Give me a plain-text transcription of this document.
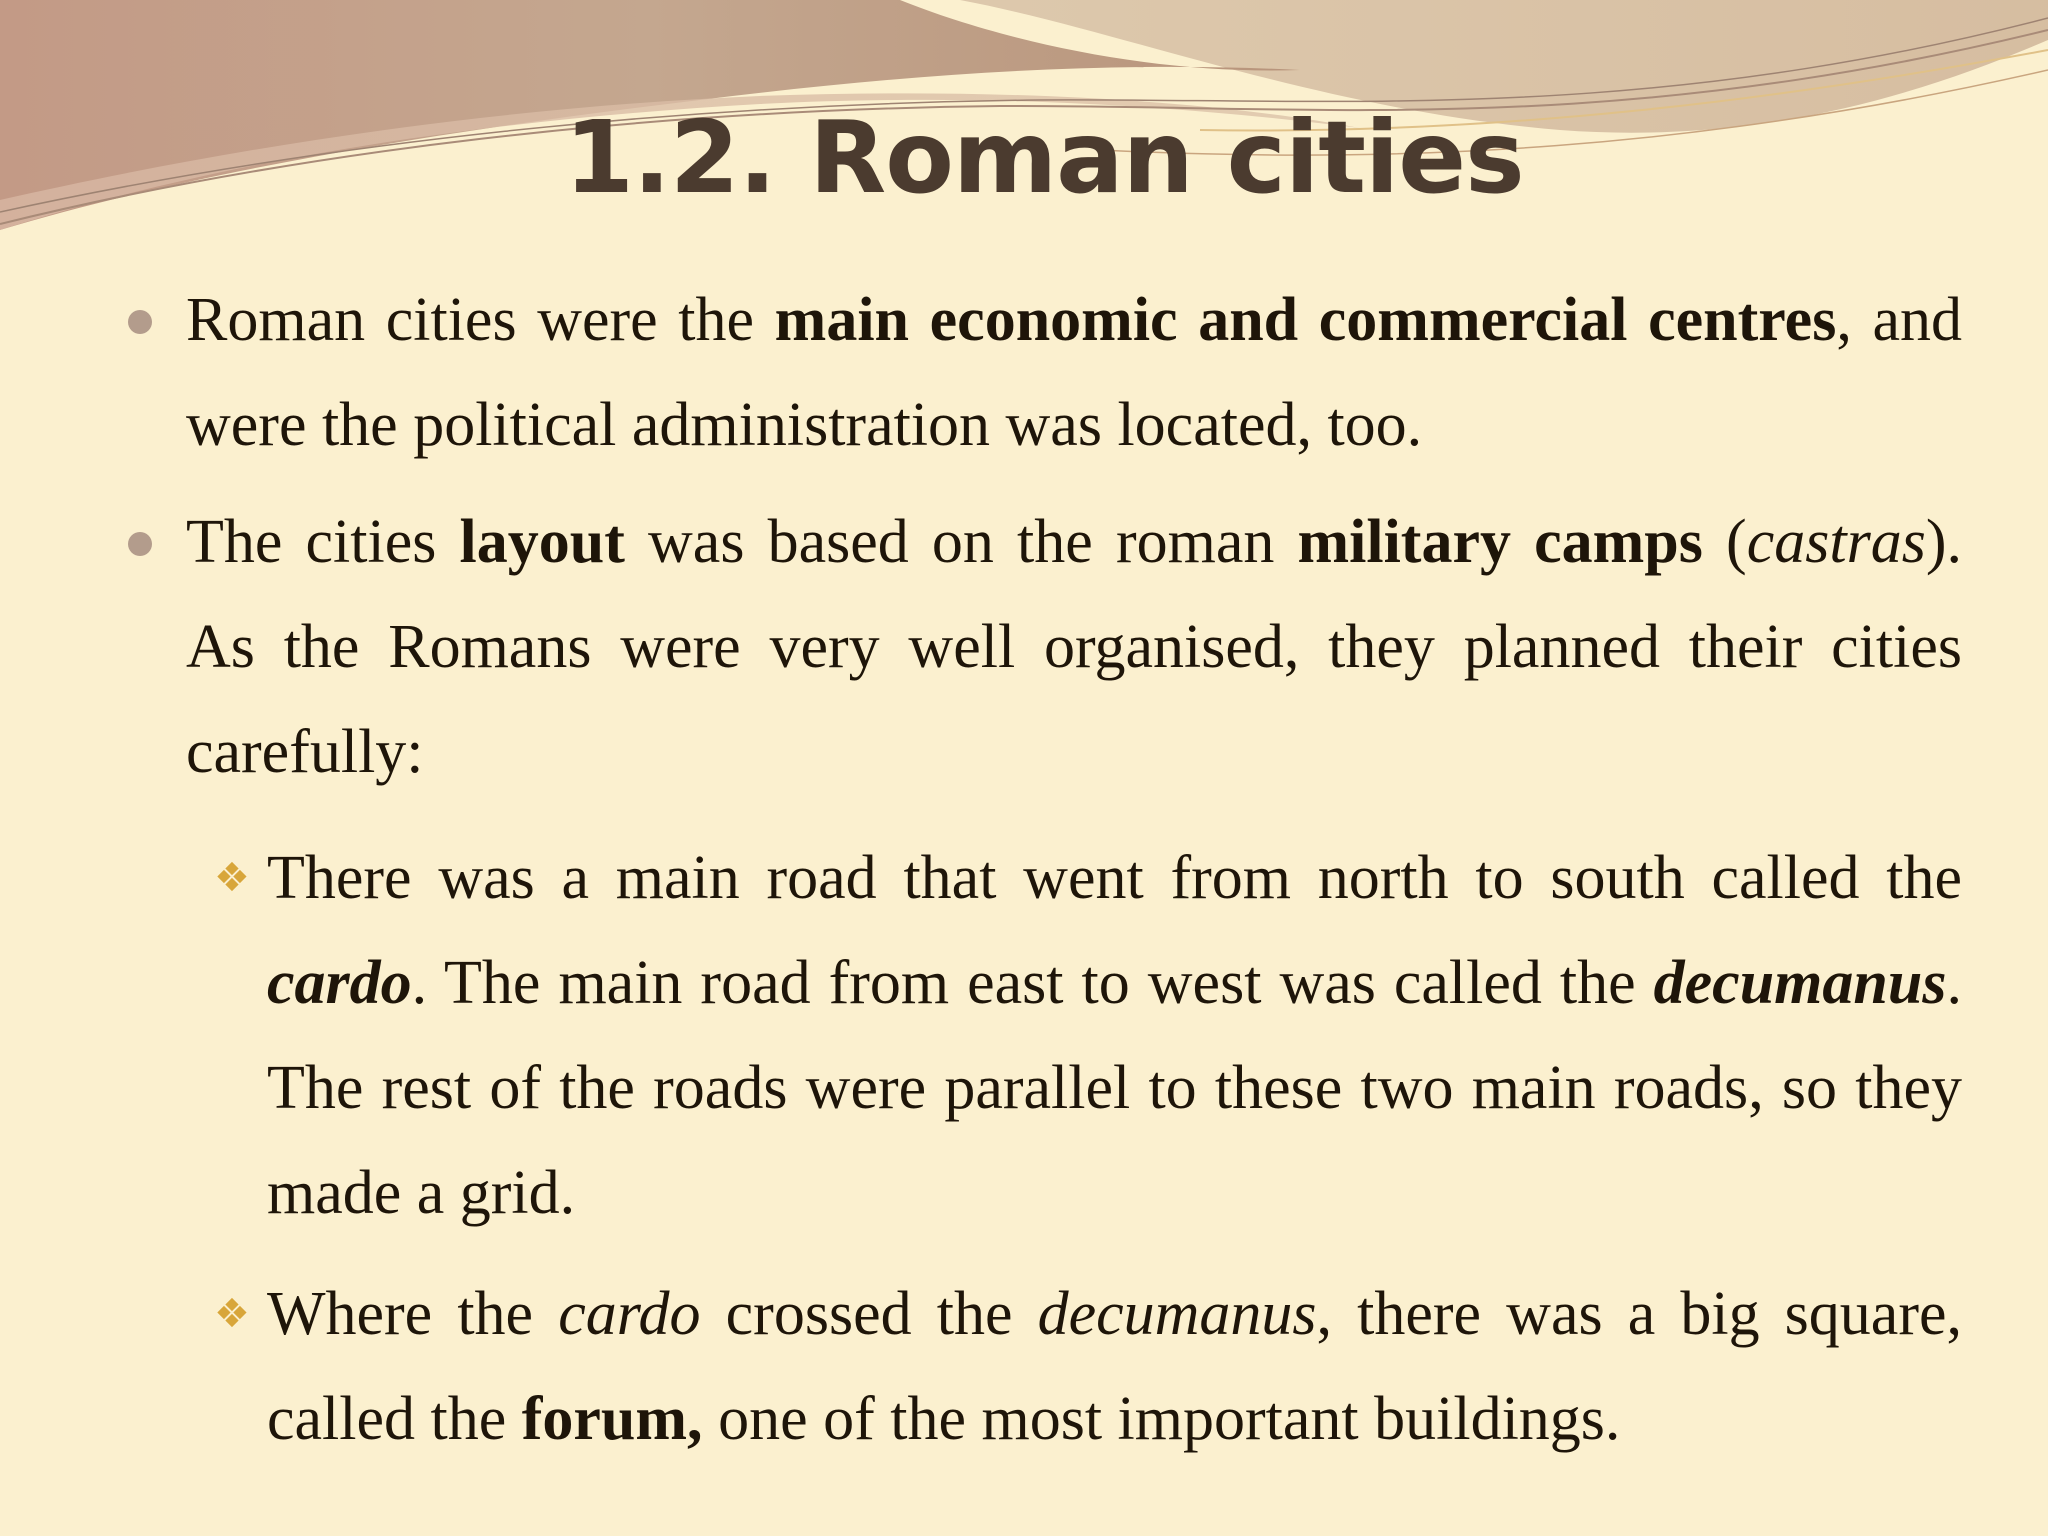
1.2. Roman cities
Roman cities were the main economic and commercial centres, and were the political administration was located, too.
The cities layout was based on the roman military camps (castras). As the Romans were very well organised, they planned their cities carefully:
❖ There was a main road that went from north to south called the cardo. The main road from east to west was called the decumanus. The rest of the roads were parallel to these two main roads, so they made a grid.
❖ Where the cardo crossed the decumanus, there was a big square, called the forum, one of the most important buildings.
